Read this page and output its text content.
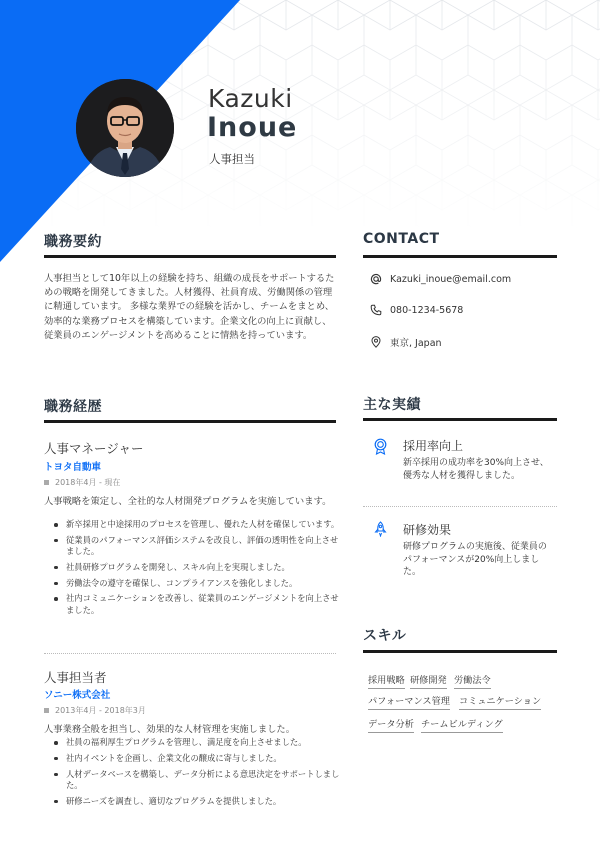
Kazuki
Inoue
人事担当
職務要約
人事担当として10年以上の経験を持ち、組織の成長をサポートするための戦略を開発してきました。人材獲得、社員育成、労働関係の管理に精通しています。 多様な業界での経験を活かし、チームをまとめ、効率的な業務プロセスを構築しています。企業文化の向上に貢献し、従業員のエンゲージメントを高めることに情熱を持っています。
CONTACT
Kazuki_inoue@email.com
080-1234-5678
東京, Japan
職務経歴
人事マネージャー
トヨタ自動車
2018年4月 - 現在
人事戦略を策定し、全社的な人材開発プログラムを実施しています。
新卒採用と中途採用のプロセスを管理し、優れた人材を確保しています。
従業員のパフォーマンス評価システムを改良し、評価の透明性を向上させました。
社員研修プログラムを開発し、スキル向上を実現しました。
労働法令の遵守を確保し、コンプライアンスを強化しました。
社内コミュニケーションを改善し、従業員のエンゲージメントを向上させました。
人事担当者
ソニー株式会社
2013年4月 - 2018年3月
人事業務全般を担当し、効果的な人材管理を実施しました。
社員の福利厚生プログラムを管理し、満足度を向上させました。
社内イベントを企画し、企業文化の醸成に寄与しました。
人材データベースを構築し、データ分析による意思決定をサポートしました。
研修ニーズを調査し、適切なプログラムを提供しました。
主な実績
採用率向上
新卒採用の成功率を30%向上させ、優秀な人材を獲得しました。
研修効果
研修プログラムの実施後、従業員のパフォーマンスが20%向上しました。
スキル
採用戦略 研修開発 労働法令
パフォーマンス管理 コミュニケーション
データ分析 チームビルディング
